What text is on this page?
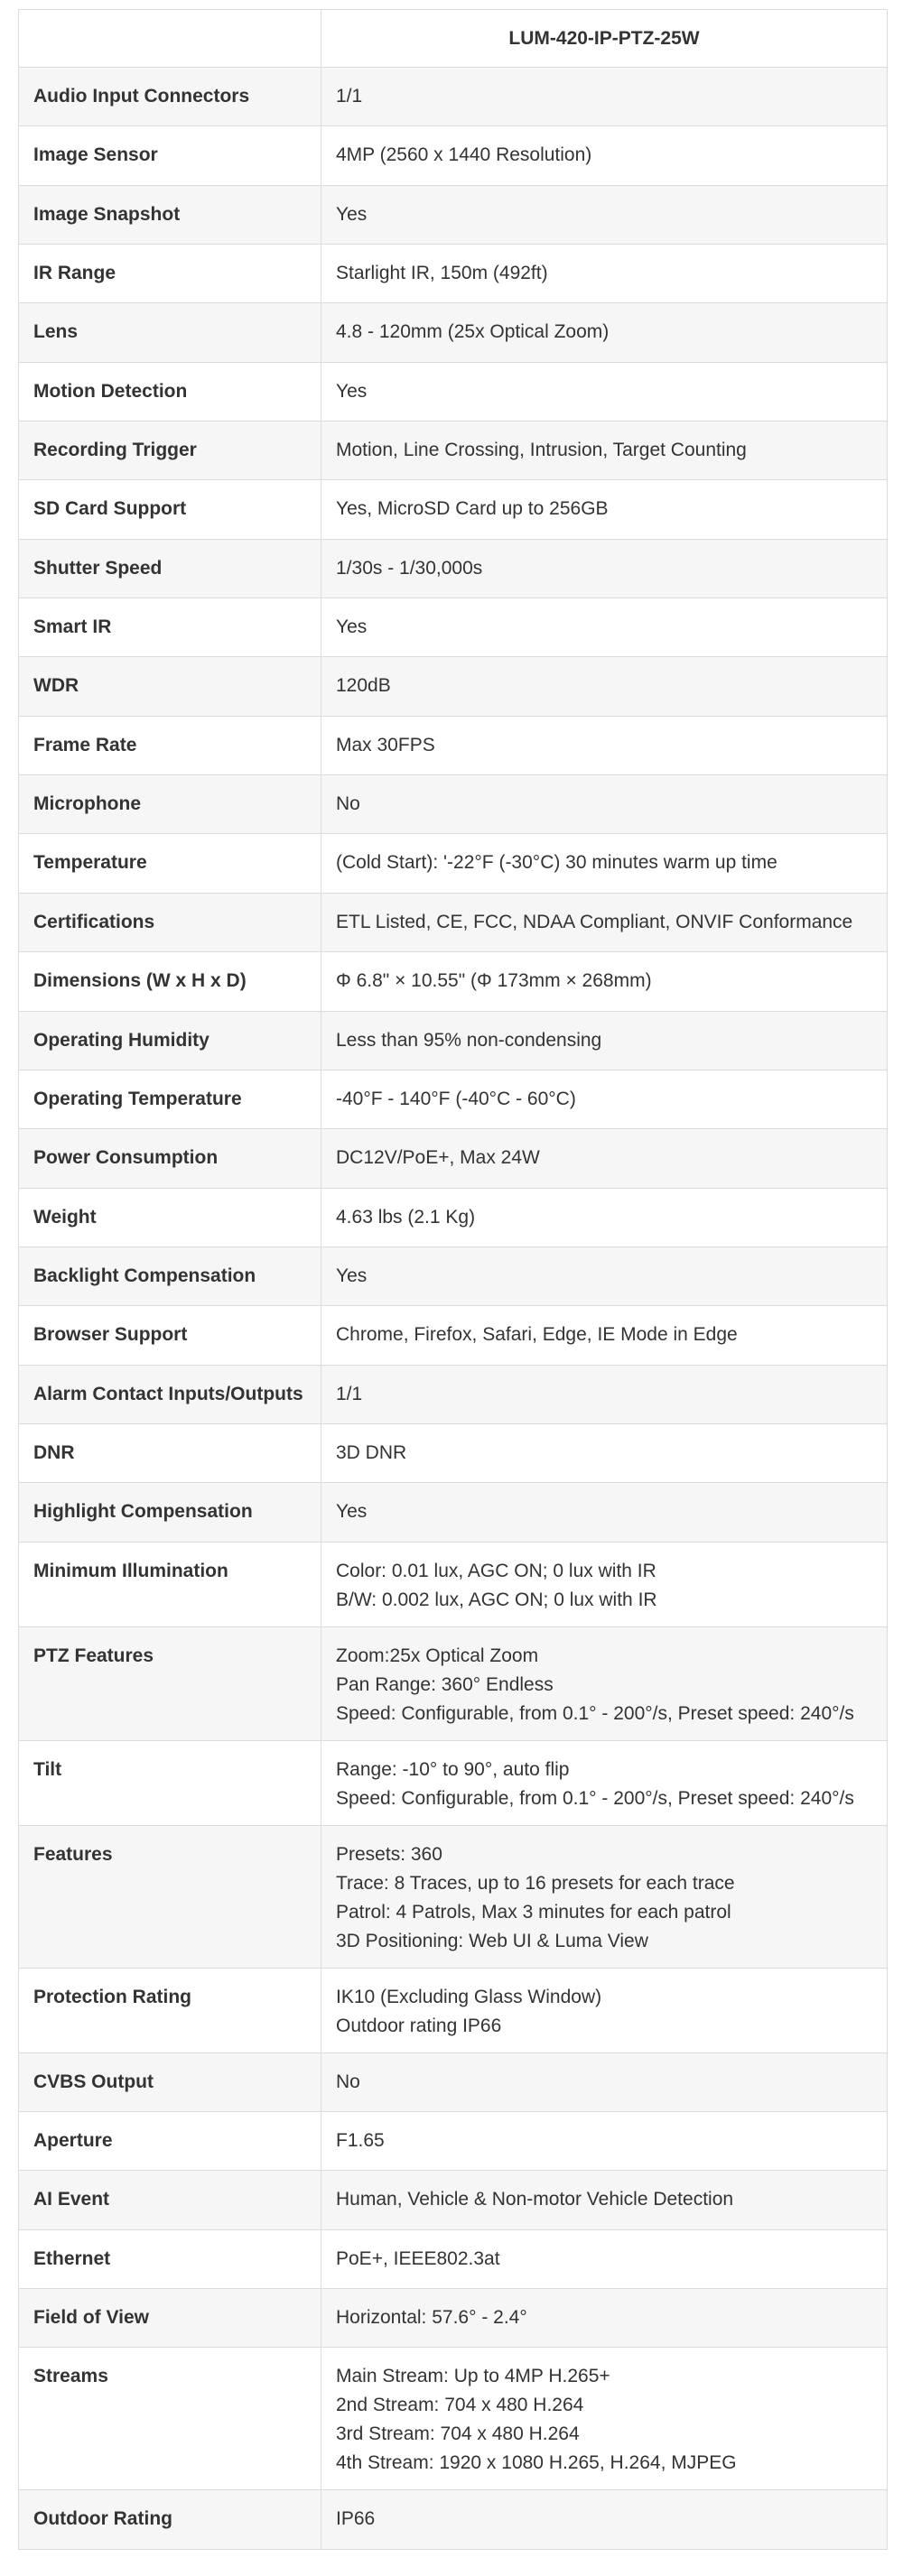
	LUM-420-IP-PTZ-25W
Audio Input Connectors	1/1

Image Sensor	4MP (2560 x 1440 Resolution)

Image Snapshot	Yes

IR Range	Starlight IR, 150m (492ft)

Lens	4.8 - 120mm (25x Optical Zoom)

Motion Detection	Yes

Recording Trigger	Motion, Line Crossing, Intrusion, Target Counting

SD Card Support	Yes, MicroSD Card up to 256GB

Shutter Speed	1/30s - 1/30,000s

Smart IR	Yes

WDR	120dB

Frame Rate	Max 30FPS

Microphone	No

Temperature	(Cold Start): '-22°F (-30°C) 30 minutes warm up time

Certifications	ETL Listed, CE, FCC, NDAA Compliant, ONVIF Conformance

Dimensions (W x H x D)	Φ 6.8" × 10.55" (Φ 173mm × 268mm)

Operating Humidity	Less than 95% non-condensing

Operating Temperature	-40°F - 140°F (-40°C - 60°C)

Power Consumption	DC12V/PoE+, Max 24W

Weight	4.63 lbs (2.1 Kg)

Backlight Compensation	Yes

Browser Support	Chrome, Firefox, Safari, Edge, IE Mode in Edge

Alarm Contact Inputs/Outputs	1/1

DNR	3D DNR

Highlight Compensation	Yes

Minimum Illumination	Color: 0.01 lux, AGC ON; 0 lux with IR
B/W: 0.002 lux, AGC ON; 0 lux with IR

PTZ Features	Zoom:25x Optical Zoom
Pan Range: 360° Endless
Speed: Configurable, from 0.1° - 200°/s, Preset speed: 240°/s

Tilt	Range: -10° to 90°, auto flip
Speed: Configurable, from 0.1° - 200°/s, Preset speed: 240°/s

Features	Presets: 360
Trace: 8 Traces, up to 16 presets for each trace
Patrol: 4 Patrols, Max 3 minutes for each patrol
3D Positioning: Web UI & Luma View

Protection Rating	IK10 (Excluding Glass Window)
Outdoor rating IP66

CVBS Output	No

Aperture	F1.65

AI Event	Human, Vehicle & Non-motor Vehicle Detection

Ethernet	PoE+, IEEE802.3at

Field of View	Horizontal: 57.6° - 2.4°

Streams	Main Stream: Up to 4MP H.265+
2nd Stream: 704 x 480 H.264
3rd Stream: 704 x 480 H.264
4th Stream: 1920 x 1080 H.265, H.264, MJPEG

Outdoor Rating	IP66
